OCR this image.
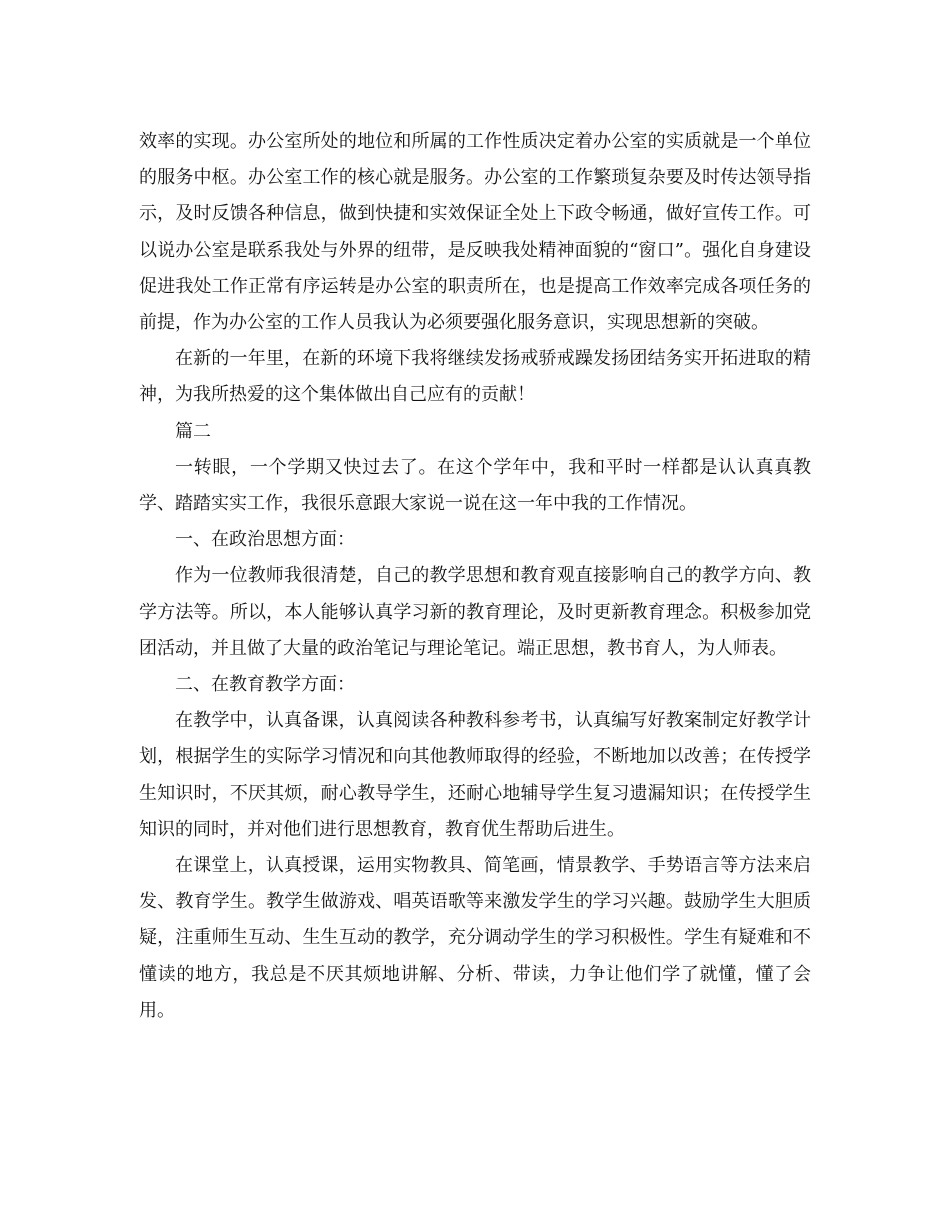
效率的实现。办公室所处的地位和所属的工作性质决定着办公室的实质就是一个单位的服务中枢。办公室工作的核心就是服务。办公室的工作繁琐复杂要及时传达领导指示，及时反馈各种信息，做到快捷和实效保证全处上下政令畅通，做好宣传工作。可以说办公室是联系我处与外界的纽带，是反映我处精神面貌的“窗口”。强化自身建设促进我处工作正常有序运转是办公室的职责所在，也是提高工作效率完成各项任务的前提，作为办公室的工作人员我认为必须要强化服务意识，实现思想新的突破。

在新的一年里，在新的环境下我将继续发扬戒骄戒躁发扬团结务实开拓进取的精神，为我所热爱的这个集体做出自己应有的贡献！

篇二

一转眼，一个学期又快过去了。在这个学年中，我和平时一样都是认认真真教学、踏踏实实工作，我很乐意跟大家说一说在这一年中我的工作情况。

一、在政治思想方面：

作为一位教师我很清楚，自己的教学思想和教育观直接影响自己的教学方向、教学方法等。所以，本人能够认真学习新的教育理论，及时更新教育理念。积极参加党团活动，并且做了大量的政治笔记与理论笔记。端正思想，教书育人，为人师表。

二、在教育教学方面：

在教学中，认真备课，认真阅读各种教科参考书，认真编写好教案制定好教学计划，根据学生的实际学习情况和向其他教师取得的经验，不断地加以改善；在传授学生知识时，不厌其烦，耐心教导学生，还耐心地辅导学生复习遗漏知识；在传授学生知识的同时，并对他们进行思想教育，教育优生帮助后进生。

在课堂上，认真授课，运用实物教具、简笔画，情景教学、手势语言等方法来启发、教育学生。教学生做游戏、唱英语歌等来激发学生的学习兴趣。鼓励学生大胆质疑，注重师生互动、生生互动的教学，充分调动学生的学习积极性。学生有疑难和不懂读的地方，我总是不厌其烦地讲解、分析、带读，力争让他们学了就懂，懂了会用。
